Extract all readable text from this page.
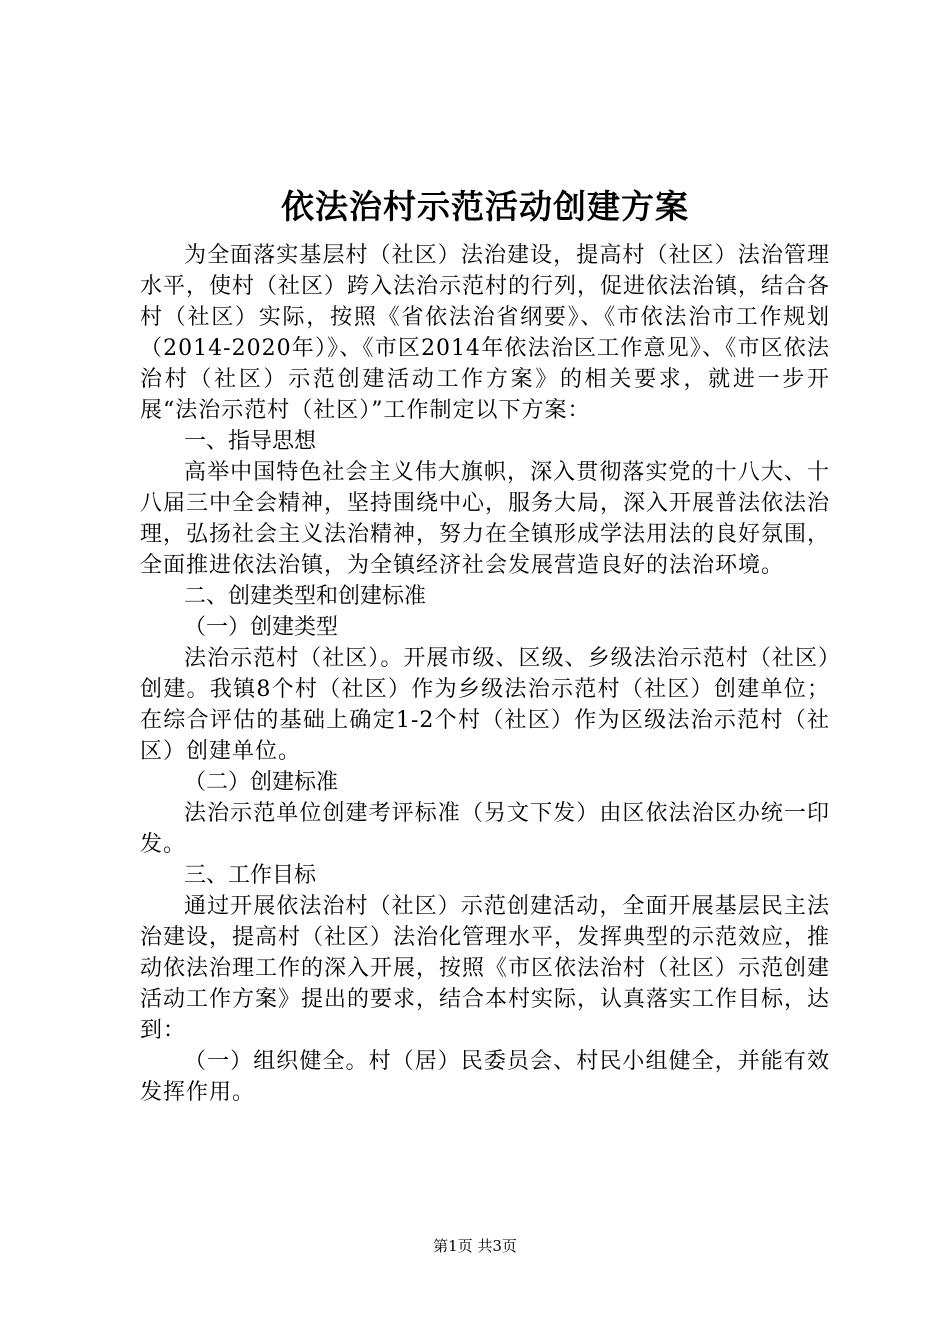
依法治村示范活动创建方案

为全面落实基层村（社区）法治建设，提高村（社区）法治管理水平，使村（社区）跨入法治示范村的行列，促进依法治镇，结合各村（社区）实际，按照《省依法治省纲要》、《市依法治市工作规划（2014-2020年）》、《市区2014年依法治区工作意见》、《市区依法治村（社区）示范创建活动工作方案》的相关要求，就进一步开展“法治示范村（社区）”工作制定以下方案：

一、指导思想

高举中国特色社会主义伟大旗帜，深入贯彻落实党的十八大、十八届三中全会精神，坚持围绕中心，服务大局，深入开展普法依法治理，弘扬社会主义法治精神，努力在全镇形成学法用法的良好氛围，全面推进依法治镇，为全镇经济社会发展营造良好的法治环境。

二、创建类型和创建标准
（一）创建类型

法治示范村（社区）。开展市级、区级、乡级法治示范村（社区）创建。我镇8个村（社区）作为乡级法治示范村（社区）创建单位；在综合评估的基础上确定1-2个村（社区）作为区级法治示范村（社区）创建单位。

（二）创建标准

法治示范单位创建考评标准（另文下发）由区依法治区办统一印发。

三、工作目标

通过开展依法治村（社区）示范创建活动，全面开展基层民主法治建设，提高村（社区）法治化管理水平，发挥典型的示范效应，推动依法治理工作的深入开展，按照《市区依法治村（社区）示范创建活动工作方案》提出的要求，结合本村实际，认真落实工作目标，达到：

（一）组织健全。村（居）民委员会、村民小组健全，并能有效发挥作用。

第1页 共3页
